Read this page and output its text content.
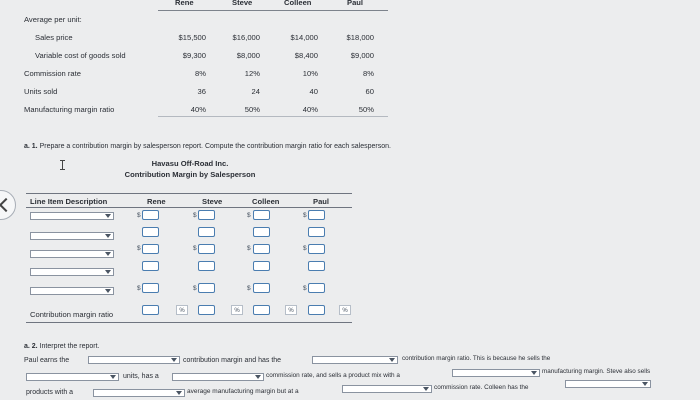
Rene	Steve	Colleen	Paul
Average per unit:
Sales price	$15,500	$16,000	$14,000	$18,000
Variable cost of goods sold	$9,300	$8,000	$8,400	$9,000
Commission rate	8%	12%	10%	8%
Units sold	36	24	40	60
Manufacturing margin ratio	40%	50%	40%	50%
a. 1. Prepare a contribution margin by salesperson report. Compute the contribution margin ratio for each salesperson.
Havasu Off-Road Inc.
Contribution Margin by Salesperson
Line Item Description	Rene	Steve	Colleen	Paul
$	$	$	$
$	$	$	$
$	$	$	$
%	%	%	%
Contribution margin ratio
a. 2. Interpret the report.
Paul earns the	contribution margin and has the	contribution margin ratio. This is because he sells the
units, has a	commission rate, and sells a product mix with a
manufacturing margin. Steve also sells
products with a	average manufacturing margin but at a
commission rate. Colleen has the
